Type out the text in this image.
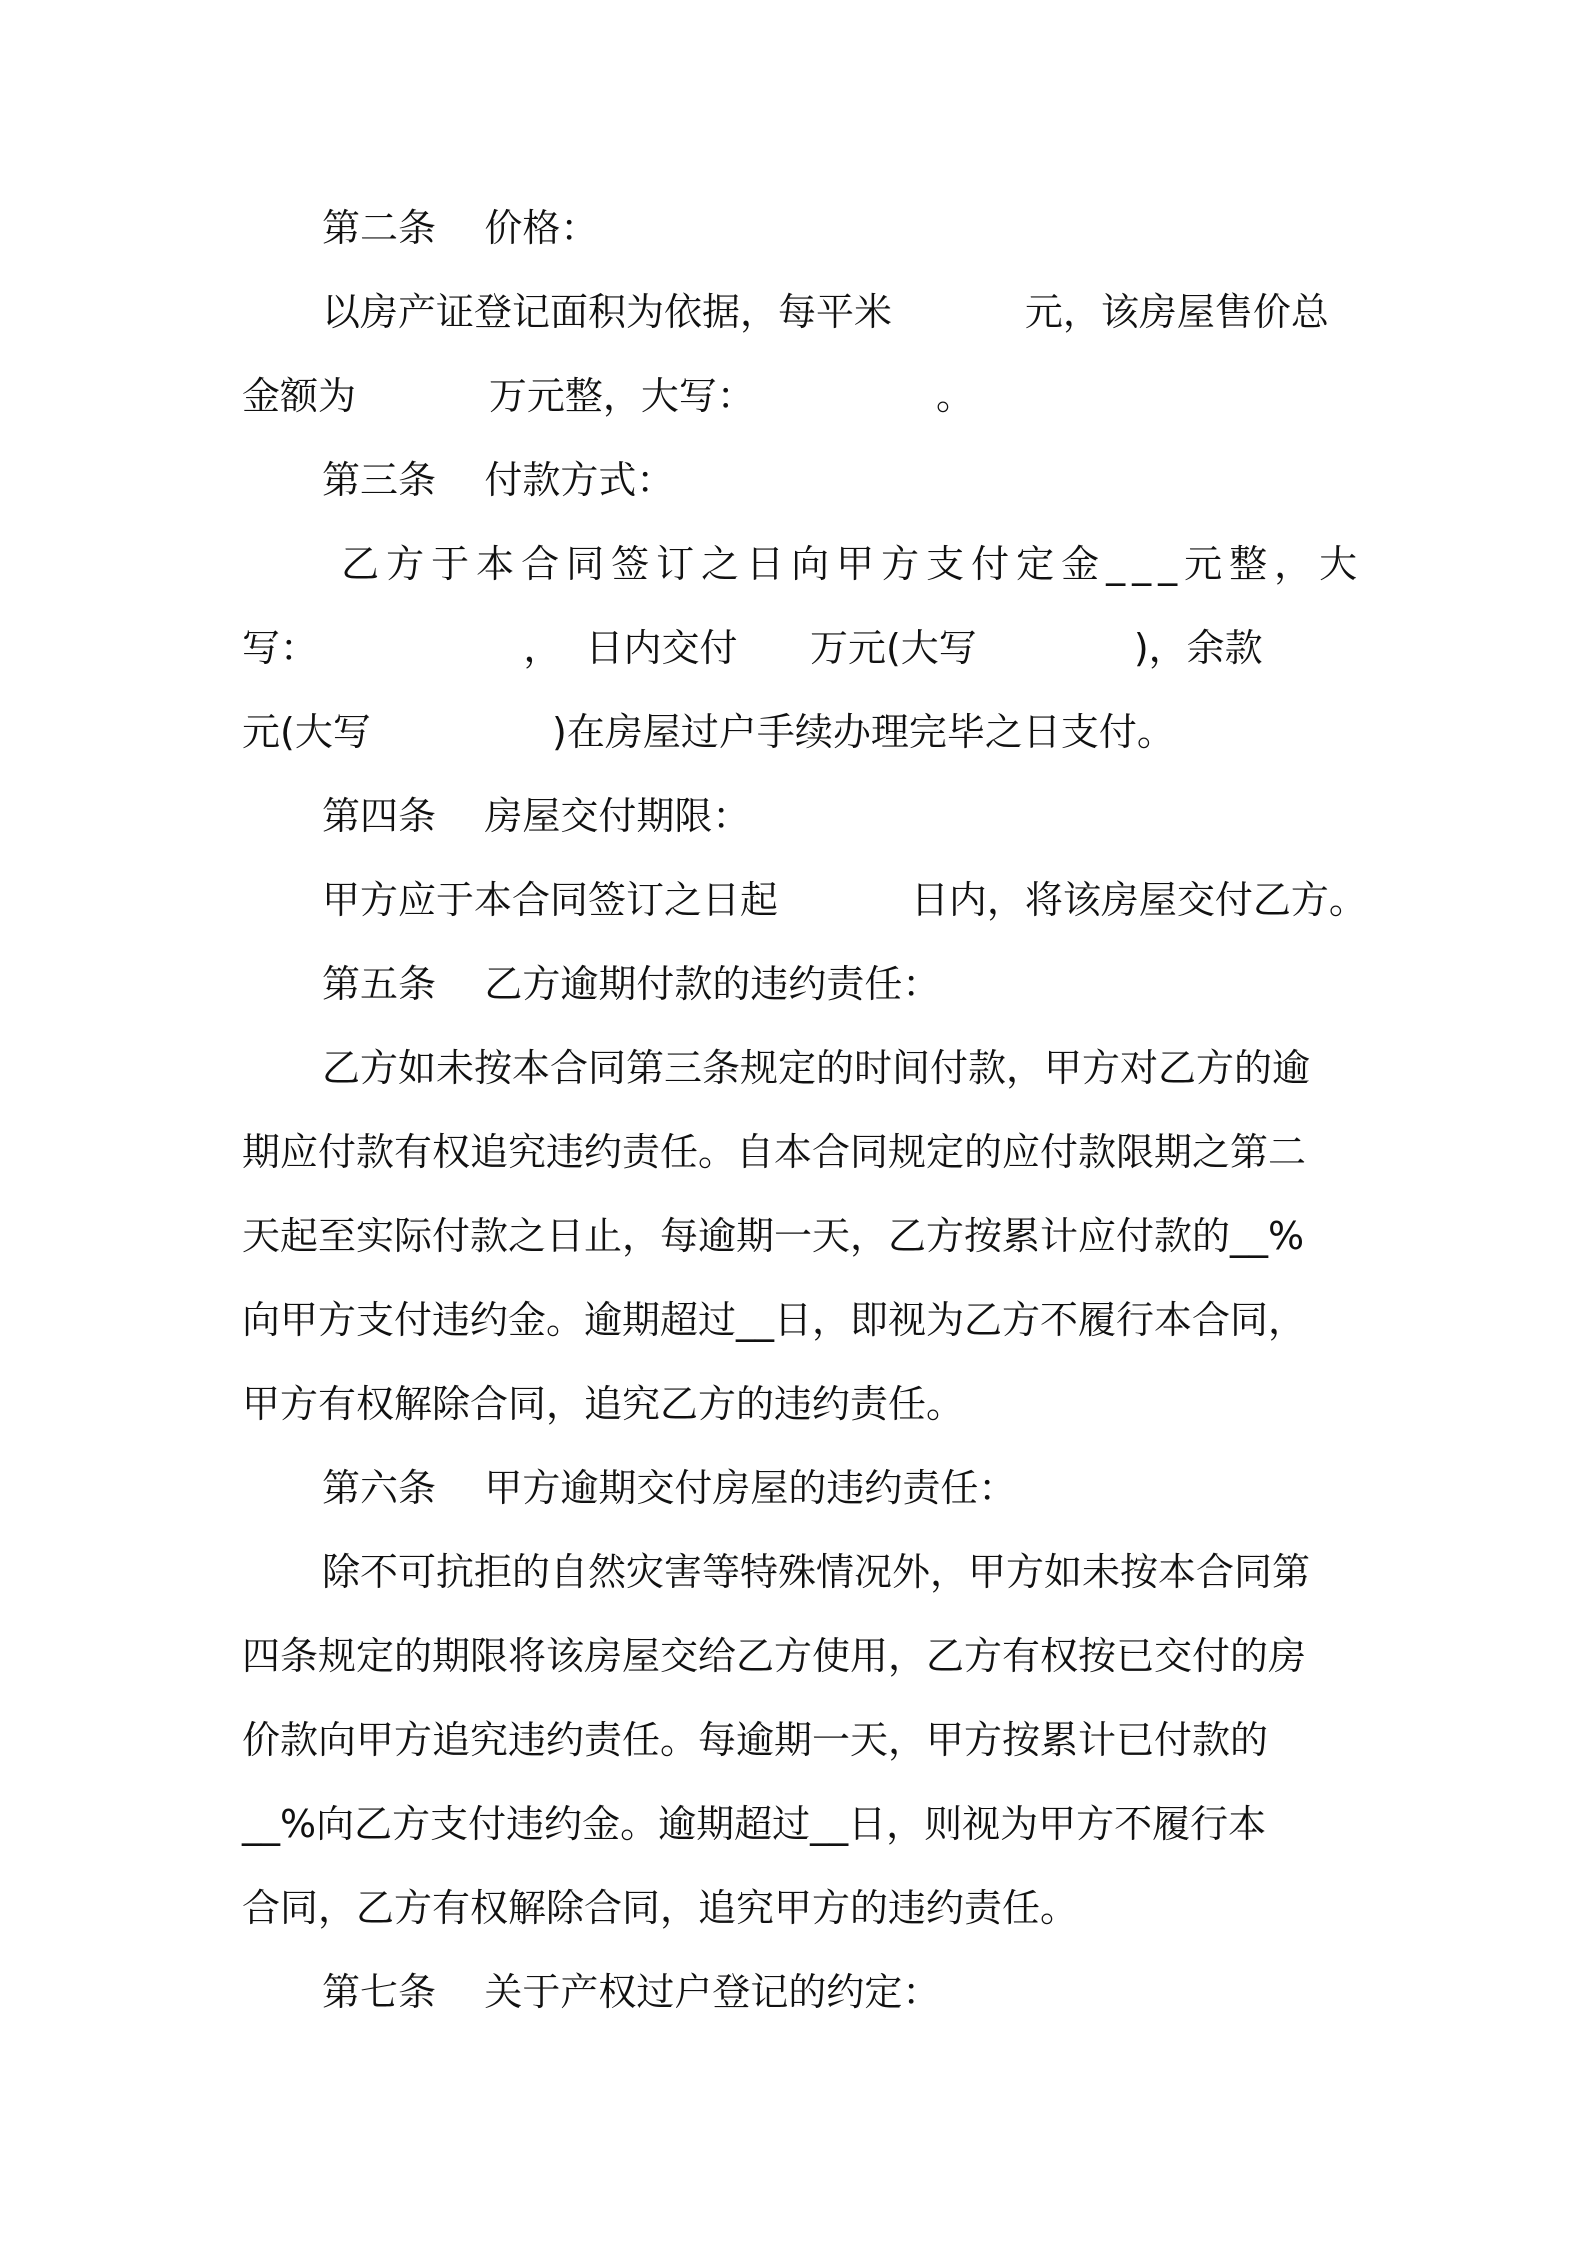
第二条    价格：
以房产证登记面积为依据，每平米           元，该房屋售价总
金额为           万元整，大写：               。
第三条    付款方式：
乙方于本合同签订之日向甲方支付定金___元整，大
写：                 ，  日内交付      万元(大写             )，余款
元(大写               )在房屋过户手续办理完毕之日支付。
第四条    房屋交付期限：
甲方应于本合同签订之日起           日内，将该房屋交付乙方。
第五条    乙方逾期付款的违约责任：
乙方如未按本合同第三条规定的时间付款，甲方对乙方的逾
期应付款有权追究违约责任。自本合同规定的应付款限期之第二
天起至实际付款之日止，每逾期一天，乙方按累计应付款的__%
向甲方支付违约金。逾期超过__日，即视为乙方不履行本合同，
甲方有权解除合同，追究乙方的违约责任。
第六条    甲方逾期交付房屋的违约责任：
除不可抗拒的自然灾害等特殊情况外，甲方如未按本合同第
四条规定的期限将该房屋交给乙方使用，乙方有权按已交付的房
价款向甲方追究违约责任。每逾期一天，甲方按累计已付款的
__%向乙方支付违约金。逾期超过__日，则视为甲方不履行本
合同，乙方有权解除合同，追究甲方的违约责任。
第七条    关于产权过户登记的约定：
